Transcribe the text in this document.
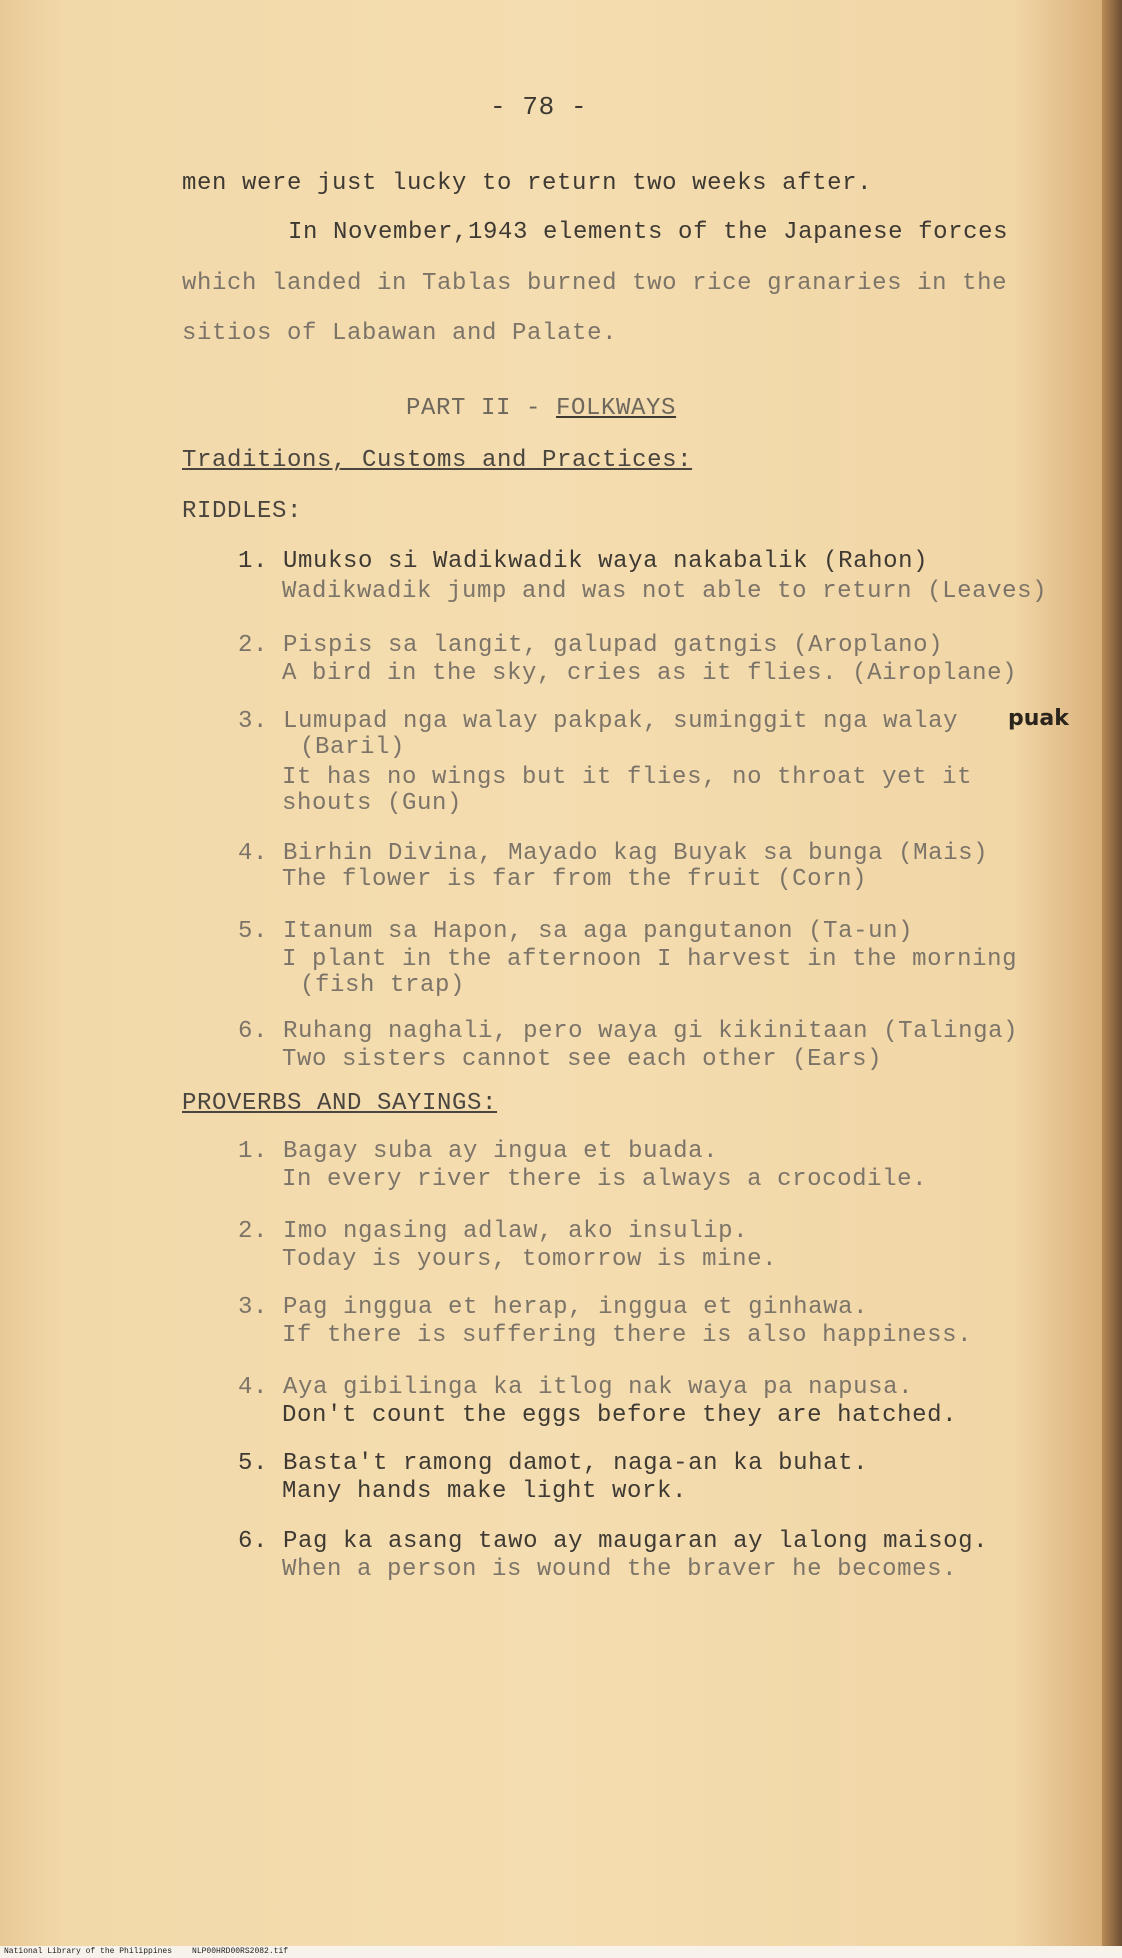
- 78 -
men were just lucky to return two weeks after.
In November,1943 elements of the Japanese forces
which landed in Tablas burned two rice granaries in the
sitios of Labawan and Palate.
PART II - FOLKWAYS
Traditions, Customs and Practices:
RIDDLES:
1. Umukso si Wadikwadik waya nakabalik (Rahon)
Wadikwadik jump and was not able to return (Leaves)
2. Pispis sa langit, galupad gatngis (Aroplano)
A bird in the sky, cries as it flies. (Airoplane)
3. Lumupad nga walay pakpak, suminggit nga walay puak
(Baril)
It has no wings but it flies, no throat yet it
shouts (Gun)
4. Birhin Divina, Mayado kag Buyak sa bunga (Mais)
The flower is far from the fruit (Corn)
5. Itanum sa Hapon, sa aga pangutanon (Ta-un)
I plant in the afternoon I harvest in the morning
(fish trap)
6. Ruhang naghali, pero waya gi kikinitaan (Talinga)
Two sisters cannot see each other (Ears)
PROVERBS AND SAYINGS:
1. Bagay suba ay ingua et buada.
In every river there is always a crocodile.
2. Imo ngasing adlaw, ako insulip.
Today is yours, tomorrow is mine.
3. Pag inggua et herap, inggua et ginhawa.
If there is suffering there is also happiness.
4. Aya gibilinga ka itlog nak waya pa napusa.
Don't count the eggs before they are hatched.
5. Basta't ramong damot, naga-an ka buhat.
Many hands make light work.
6. Pag ka asang tawo ay maugaran ay lalong maisog.
When a person is wound the braver he becomes.
National Library of the Philippines	NLP00HRD00RS2082.tif
